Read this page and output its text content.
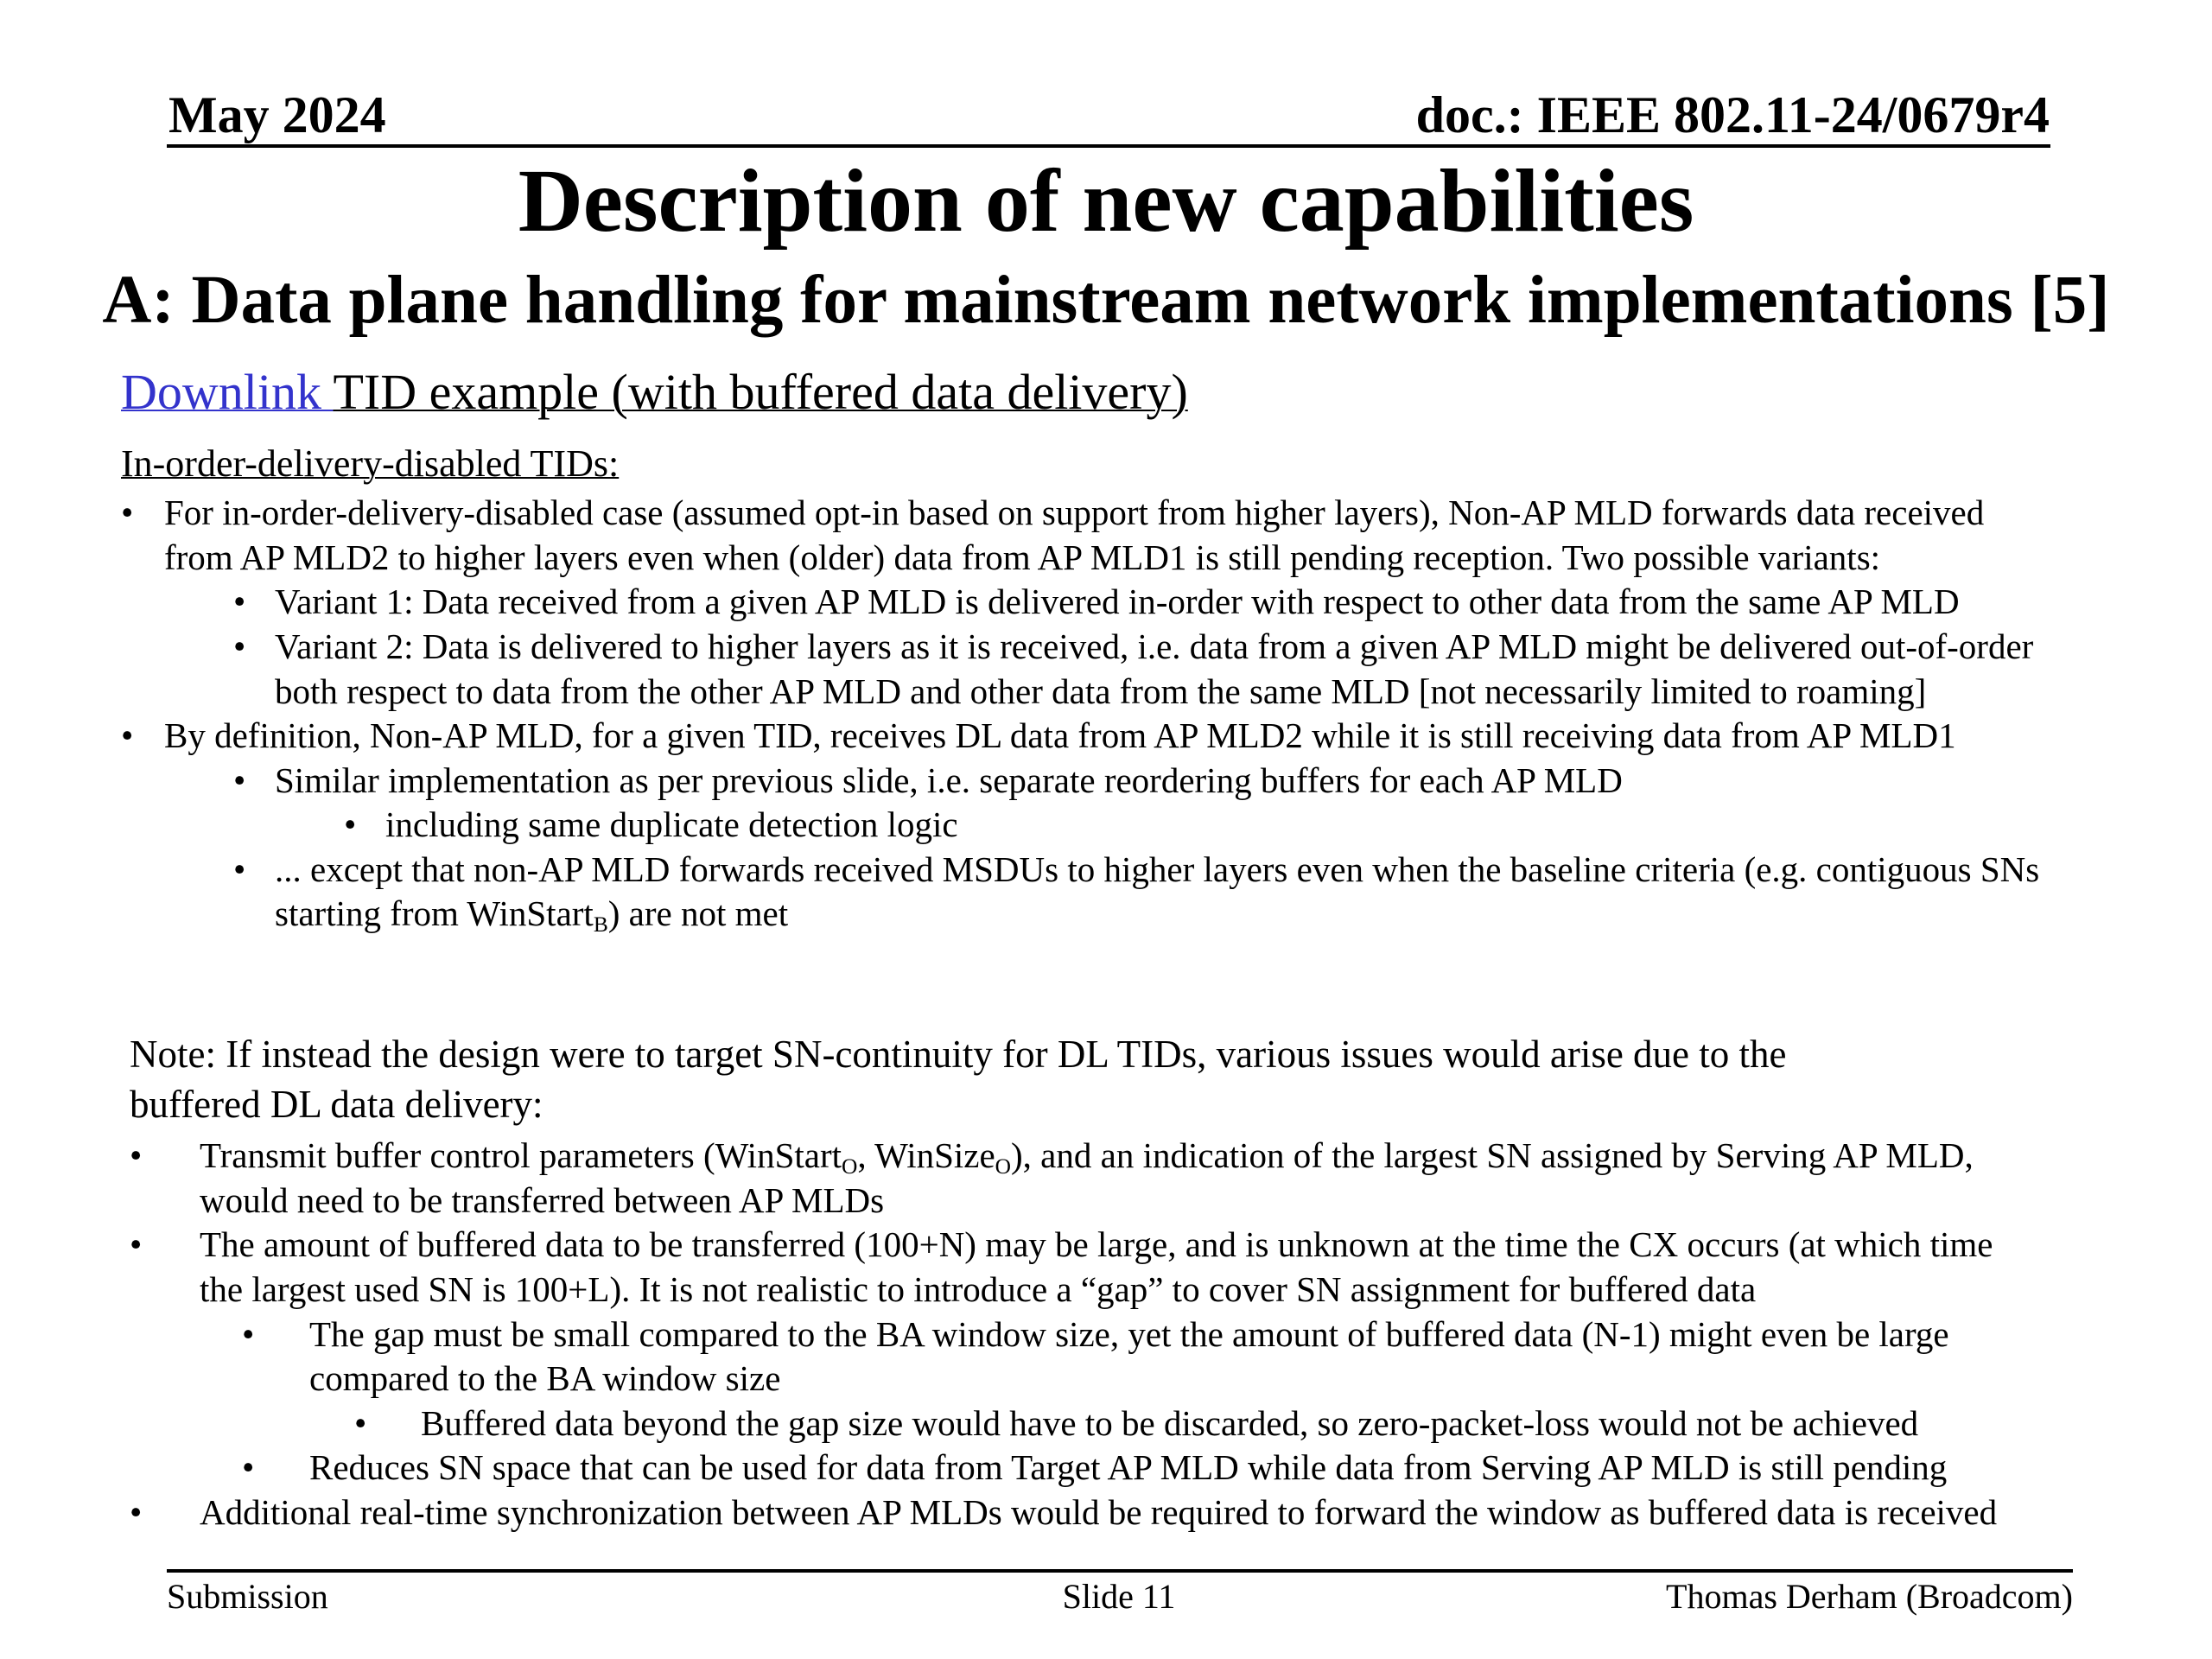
May 2024	doc.: IEEE 802.11-24/0679r4
Description of new capabilities
A: Data plane handling for mainstream network implementations [5]
Downlink TID example (with buffered data delivery)
In-order-delivery-disabled TIDs:
• For in-order-delivery-disabled case (assumed opt-in based on support from higher layers), Non-AP MLD forwards data received
from AP MLD2 to higher layers even when (older) data from AP MLD1 is still pending reception. Two possible variants:
• Variant 1: Data received from a given AP MLD is delivered in-order with respect to other data from the same AP MLD
• Variant 2: Data is delivered to higher layers as it is received, i.e. data from a given AP MLD might be delivered out-of-order
both respect to data from the other AP MLD and other data from the same MLD [not necessarily limited to roaming]
• By definition, Non-AP MLD, for a given TID, receives DL data from AP MLD2 while it is still receiving data from AP MLD1
• Similar implementation as per previous slide, i.e. separate reordering buffers for each AP MLD
• including same duplicate detection logic
• ... except that non-AP MLD forwards received MSDUs to higher layers even when the baseline criteria (e.g. contiguous SNs
starting from WinStart$_B$) are not met
Note: If instead the design were to target SN-continuity for DL TIDs, various issues would arise due to the
buffered DL data delivery:
• Transmit buffer control parameters (WinStart$_O$, WinSize$_O$), and an indication of the largest SN assigned by Serving AP MLD,
would need to be transferred between AP MLDs
• The amount of buffered data to be transferred (100+N) may be large, and is unknown at the time the CX occurs (at which time
the largest used SN is 100+L). It is not realistic to introduce a “gap” to cover SN assignment for buffered data
• The gap must be small compared to the BA window size, yet the amount of buffered data (N-1) might even be large
compared to the BA window size
• Buffered data beyond the gap size would have to be discarded, so zero-packet-loss would not be achieved
• Reduces SN space that can be used for data from Target AP MLD while data from Serving AP MLD is still pending
• Additional real-time synchronization between AP MLDs would be required to forward the window as buffered data is received
Submission	Slide 11	Thomas Derham (Broadcom)
